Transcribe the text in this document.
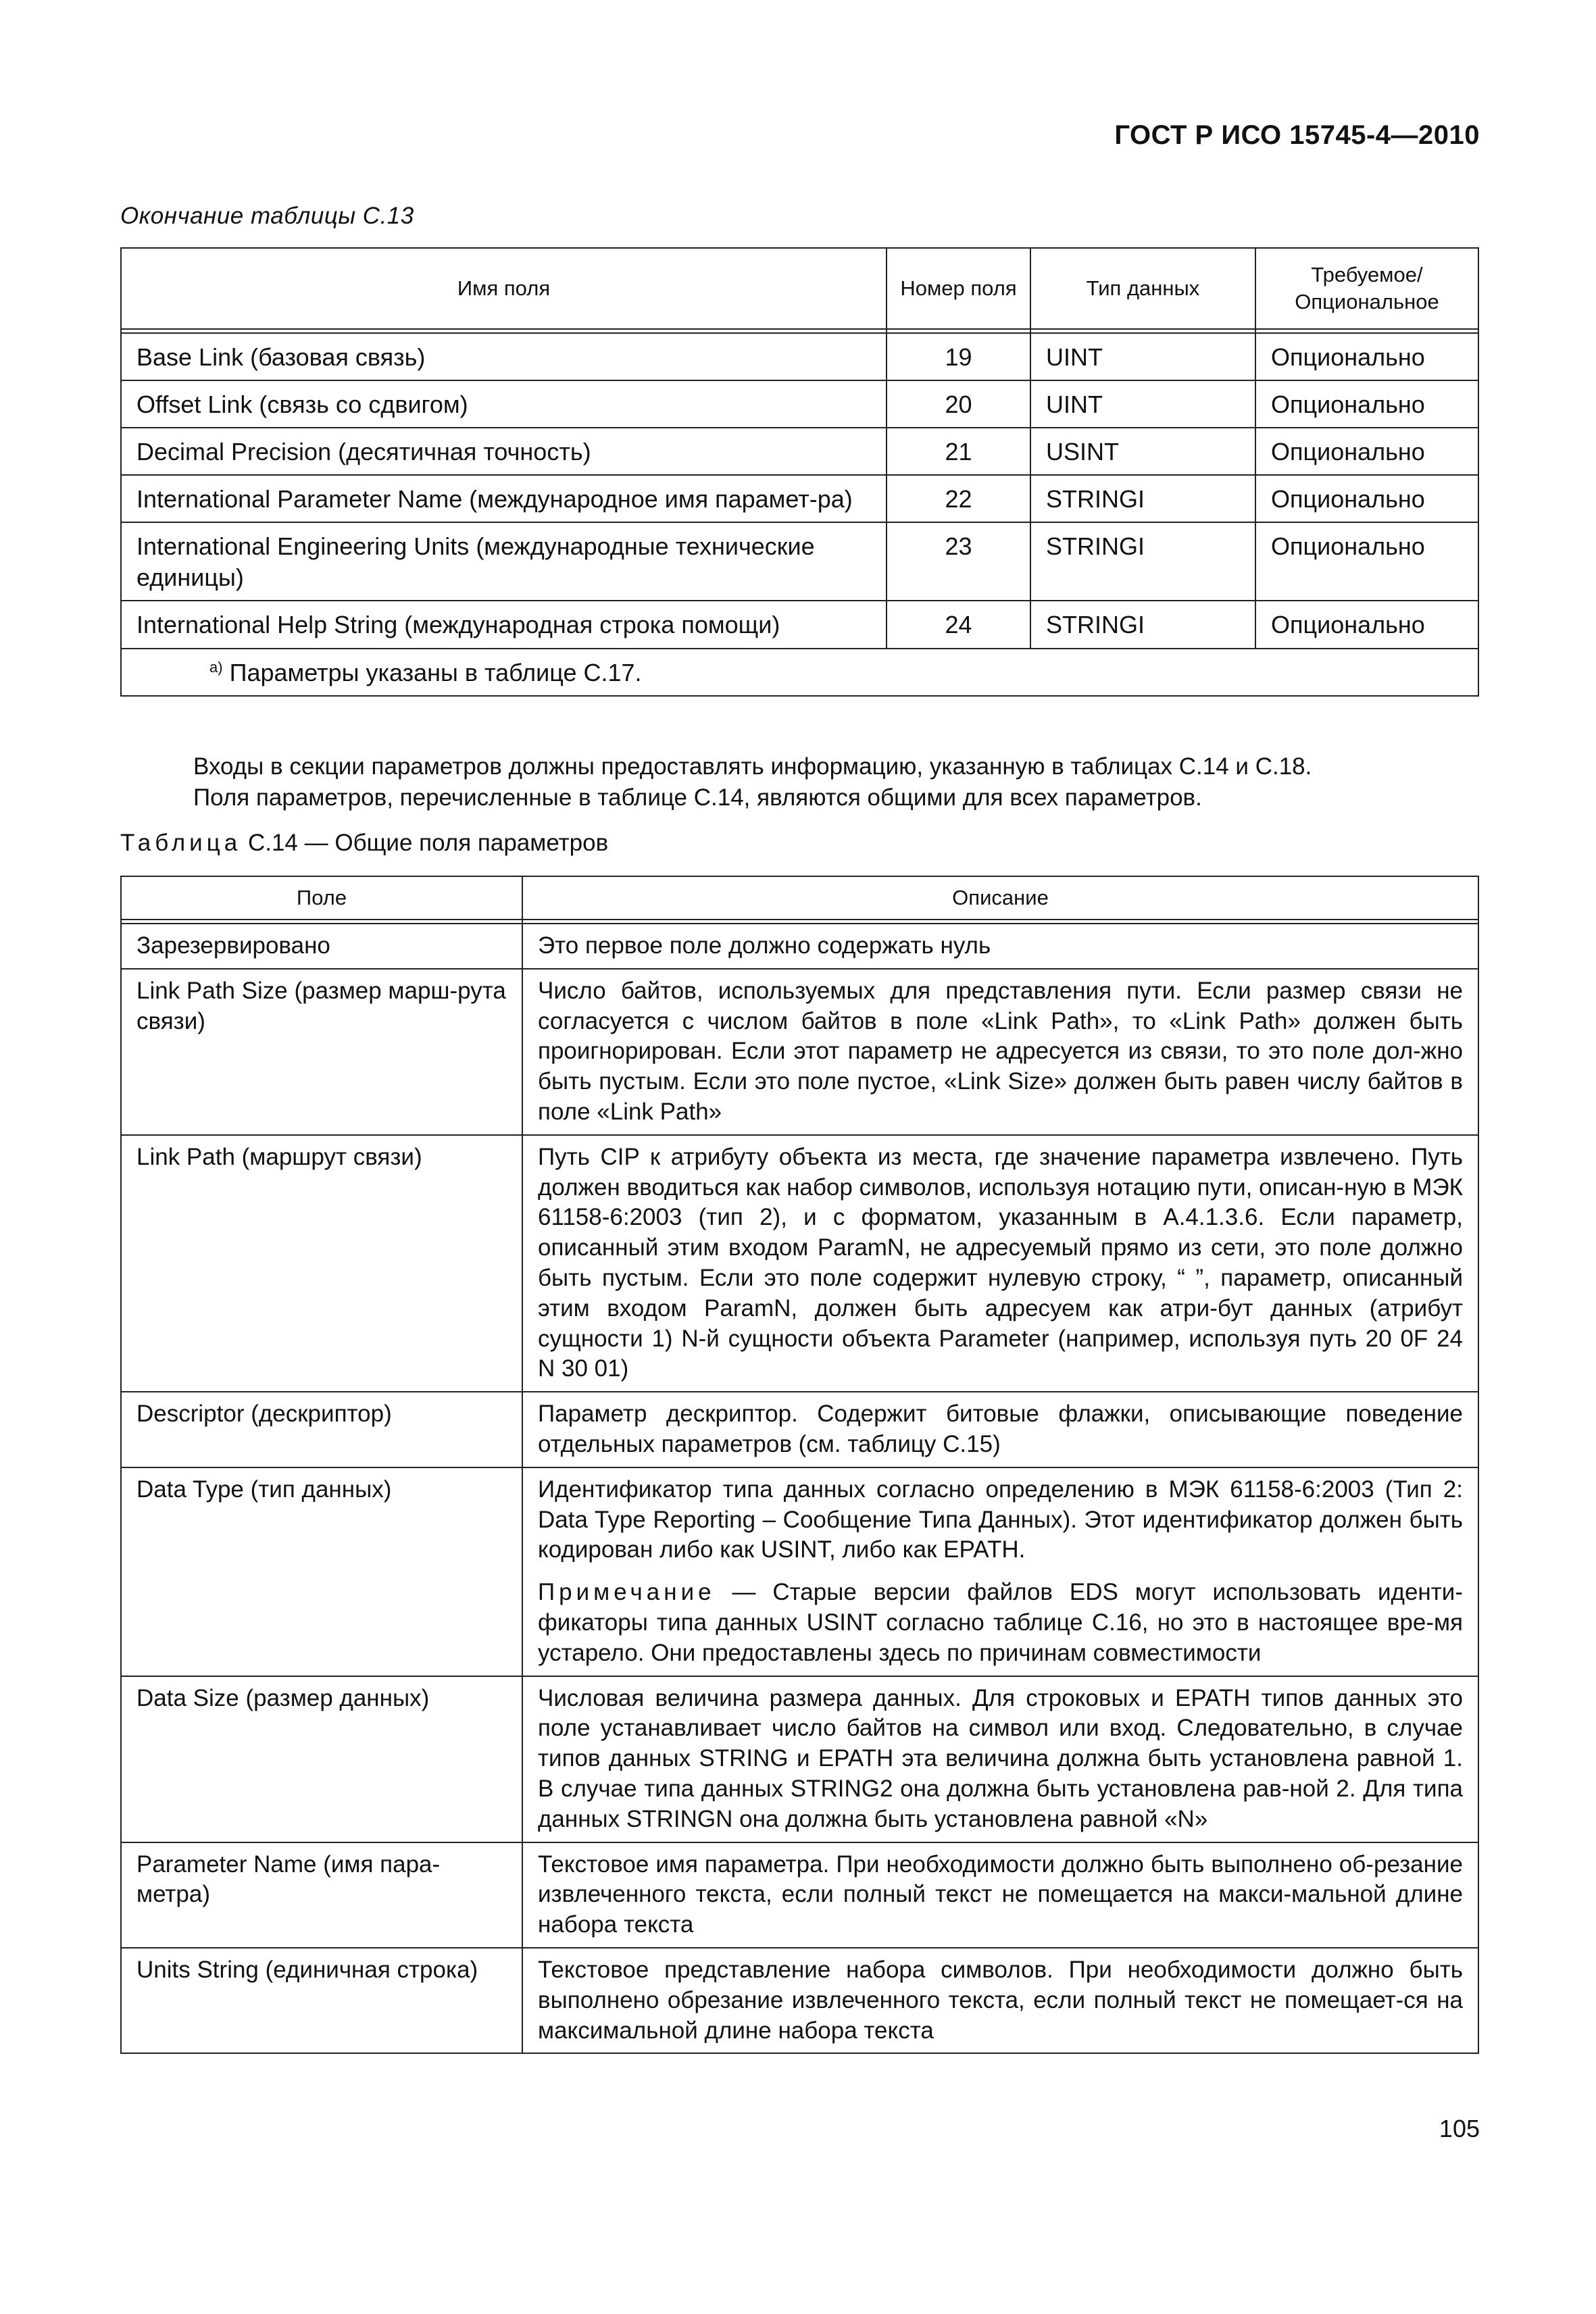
ГОСТ Р ИСО 15745-4—2010
Окончание таблицы С.13
Имя поля	Номер поля	Тип данных	Требуемое/ Опциональное

Base Link (базовая связь)	19	UINT	Опционально
Offset Link (связь со сдвигом)	20	UINT	Опционально
Decimal Precision (десятичная точность)	21	USINT	Опционально
International Parameter Name (международное имя парамет-ра)	22	STRINGI	Опционально
International Engineering Units (международные технические единицы)	23	STRINGI	Опционально
International Help String (международная строка помощи)	24	STRINGI	Опционально
$^{a)}$ Параметры указаны в таблице С.17.			

Входы в секции параметров должны предоставлять информацию, указанную в таблицах С.14 и С.18.

Поля параметров, перечисленные в таблице С.14, являются общими для всех параметров.

Таблица С.14 — Общие поля параметров
Поле	Описание

Зарезервировано	Это первое поле должно содержать нуль
Link Path Size (размер марш-рута связи)	Число байтов, используемых для представления пути. Если размер связи не согласуется с числом байтов в поле «Link Path», то «Link Path» должен быть проигнорирован. Если этот параметр не адресуется из связи, то это поле дол-жно быть пустым. Если это поле пустое, «Link Size» должен быть равен числу байтов в поле «Link Path»
Link Path (маршрут связи)	Путь CIP к атрибуту объекта из места, где значение параметра извлечено. Путь должен вводиться как набор символов, используя нотацию пути, описан-ную в МЭК 61158-6:2003 (тип 2), и с форматом, указанным в А.4.1.3.6. Если параметр, описанный этим входом ParamN, не адресуемый прямо из сети, это поле должно быть пустым. Если это поле содержит нулевую строку, “ ”, параметр, описанный этим входом ParamN, должен быть адресуем как атри-бут данных (атрибут сущности 1) N-й сущности объекта Parameter (например, используя путь 20 0F 24 N 30 01)
Descriptor (дескриптор)	Параметр дескриптор. Содержит битовые флажки, описывающие поведение отдельных параметров (см. таблицу С.15)
Data Type (тип данных)	Идентификатор типа данных согласно определению в МЭК 61158-6:2003 (Тип 2: Data Type Reporting – Сообщение Типа Данных). Этот идентификатор должен быть кодирован либо как USINT, либо как EPATH.

Примечание — Старые версии файлов EDS могут использовать иденти-фикаторы типа данных USINT согласно таблице С.16, но это в настоящее вре-мя устарело. Они предоставлены здесь по причинам совместимости

Data Size (размер данных)	Числовая величина размера данных. Для строковых и EPATH типов данных это поле устанавливает число байтов на символ или вход. Следовательно, в случае типов данных STRING и EPATH эта величина должна быть установлена равной 1. В случае типа данных STRING2 она должна быть установлена рав-ной 2. Для типа данных STRINGN она должна быть установлена равной «N»
Parameter Name (имя пара-метра)	Текстовое имя параметра. При необходимости должно быть выполнено об-резание извлеченного текста, если полный текст не помещается на макси-мальной длине набора текста
Units String (единичная строка)	Текстовое представление набора символов. При необходимости должно быть выполнено обрезание извлеченного текста, если полный текст не помещает-ся на максимальной длине набора текста
105
